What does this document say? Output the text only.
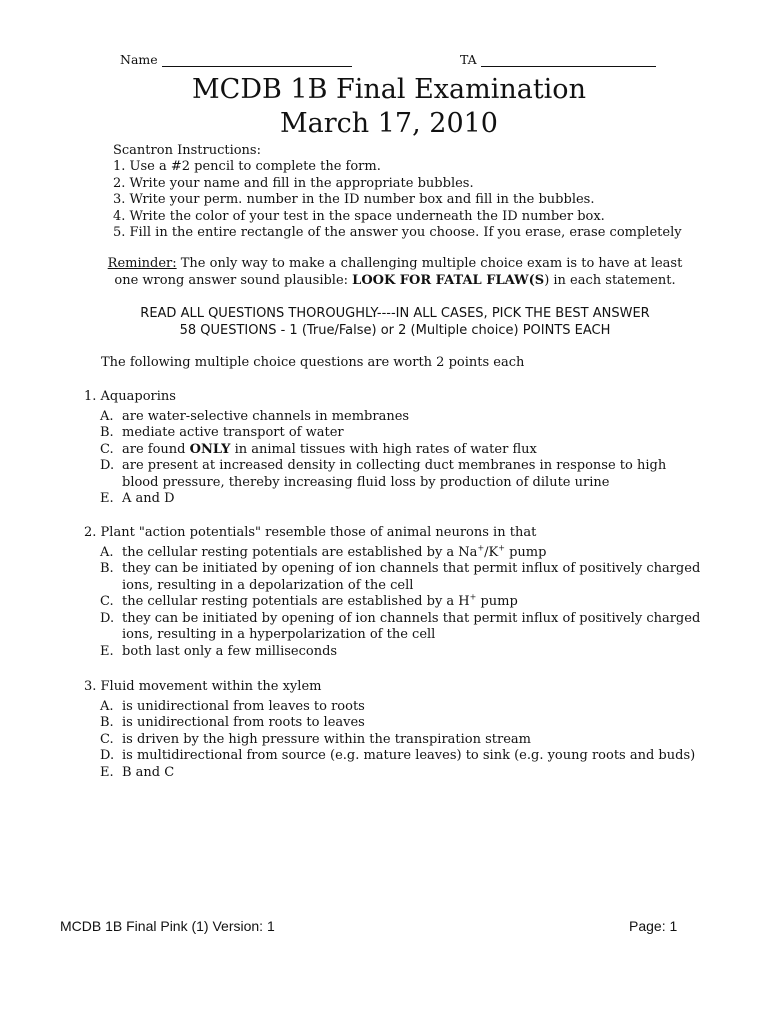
Name	TA
MCDB 1B Final Examination
March 17, 2010
Scantron Instructions:
1. Use a #2 pencil to complete the form.
2. Write your name and fill in the appropriate bubbles.
3. Write your perm. number in the ID number box and fill in the bubbles.
4. Write the color of your test in the space underneath the ID number box.
5. Fill in the entire rectangle of the answer you choose. If you erase, erase completely
Reminder: The only way to make a challenging multiple choice exam is to have at least
one wrong answer sound plausible: LOOK FOR FATAL FLAW(S) in each statement.
READ ALL QUESTIONS THOROUGHLY----IN ALL CASES, PICK THE BEST ANSWER
58 QUESTIONS - 1 (True/False) or 2 (Multiple choice) POINTS EACH
The following multiple choice questions are worth 2 points each
1. Aquaporins
A. are water-selective channels in membranes
B. mediate active transport of water
C. are found ONLY in animal tissues with high rates of water flux
D. are present at increased density in collecting duct membranes in response to high blood pressure, thereby increasing fluid loss by production of dilute urine
E. A and D
2. Plant "action potentials" resemble those of animal neurons in that
A. the cellular resting potentials are established by a Na+/K+ pump
B. they can be initiated by opening of ion channels that permit influx of positively charged ions, resulting in a depolarization of the cell
C. the cellular resting potentials are established by a H+ pump
D. they can be initiated by opening of ion channels that permit influx of positively charged ions, resulting in a hyperpolarization of the cell
E. both last only a few milliseconds
3. Fluid movement within the xylem
A. is unidirectional from leaves to roots
B. is unidirectional from roots to leaves
C. is driven by the high pressure within the transpiration stream
D. is multidirectional from source (e.g. mature leaves) to sink (e.g. young roots and buds)
E. B and C
MCDB 1B Final Pink (1) Version: 1	Page: 1
